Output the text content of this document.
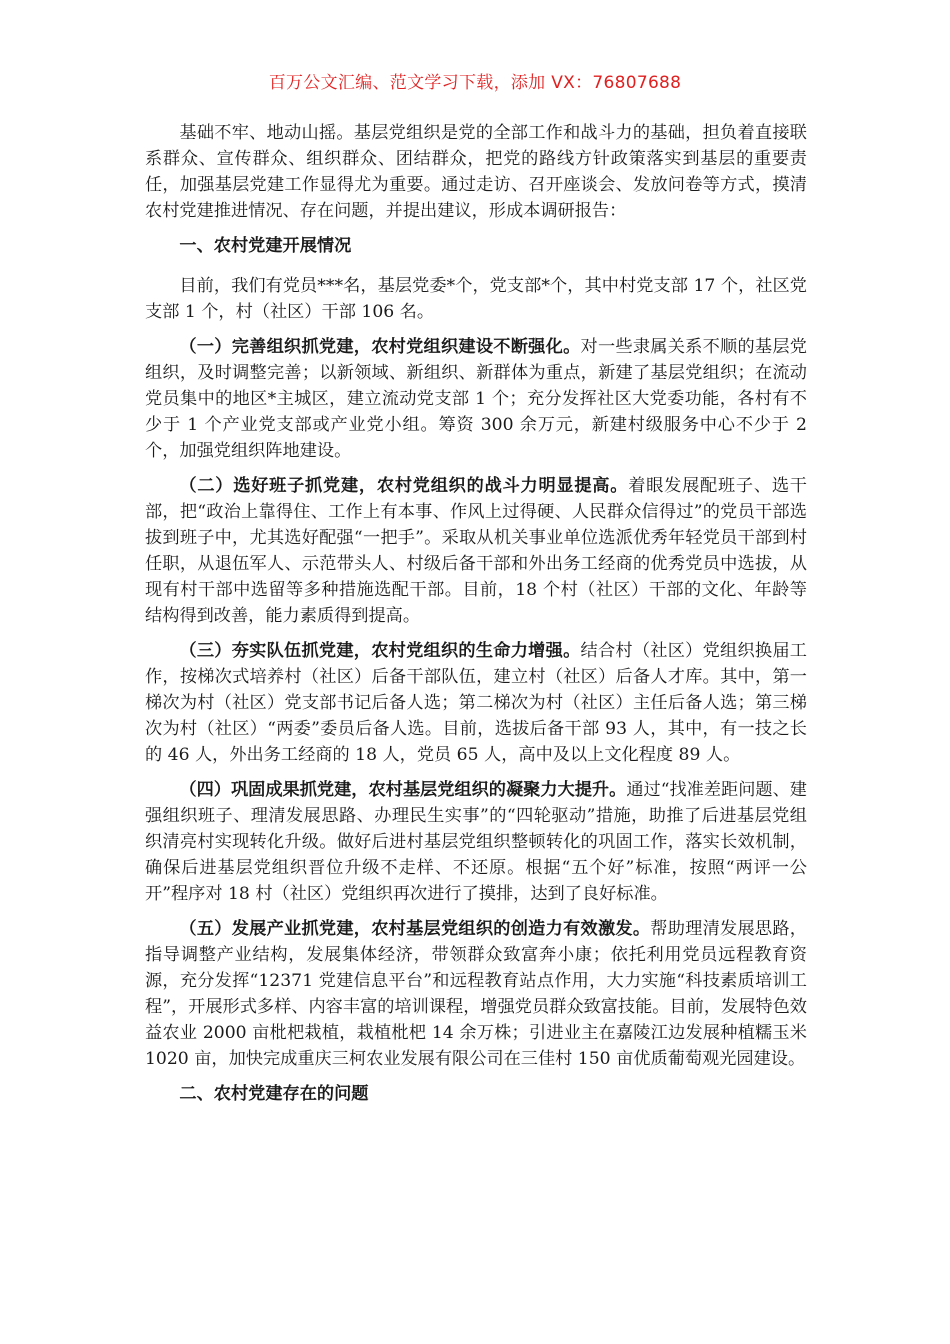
百万公文汇编、范文学习下载，添加 VX：76807688

基础不牢、地动山摇。基层党组织是党的全部工作和战斗力的基础，担负着直接联系群众、宣传群众、组织群众、团结群众，把党的路线方针政策落实到基层的重要责任，加强基层党建工作显得尤为重要。通过走访、召开座谈会、发放问卷等方式，摸清农村党建推进情况、存在问题，并提出建议，形成本调研报告：

一、农村党建开展情况

目前，我们有党员***名，基层党委*个，党支部*个，其中村党支部 17 个，社区党支部 1 个，村（社区）干部 106 名。

（一）完善组织抓党建，农村党组织建设不断强化。对一些隶属关系不顺的基层党组织，及时调整完善；以新领域、新组织、新群体为重点，新建了基层党组织；在流动党员集中的地区*主城区，建立流动党支部 1 个；充分发挥社区大党委功能，各村有不少于 1 个产业党支部或产业党小组。筹资 300 余万元，新建村级服务中心不少于 2 个，加强党组织阵地建设。

（二）选好班子抓党建，农村党组织的战斗力明显提高。着眼发展配班子、选干部，把“政治上靠得住、工作上有本事、作风上过得硬、人民群众信得过”的党员干部选拔到班子中，尤其选好配强“一把手”。采取从机关事业单位选派优秀年轻党员干部到村任职，从退伍军人、示范带头人、村级后备干部和外出务工经商的优秀党员中选拔，从现有村干部中选留等多种措施选配干部。目前，18 个村（社区）干部的文化、年龄等结构得到改善，能力素质得到提高。

（三）夯实队伍抓党建，农村党组织的生命力增强。结合村（社区）党组织换届工作，按梯次式培养村（社区）后备干部队伍，建立村（社区）后备人才库。其中，第一梯次为村（社区）党支部书记后备人选；第二梯次为村（社区）主任后备人选；第三梯次为村（社区）“两委”委员后备人选。目前，选拔后备干部 93 人，其中，有一技之长的 46 人，外出务工经商的 18 人，党员 65 人，高中及以上文化程度 89 人。

（四）巩固成果抓党建，农村基层党组织的凝聚力大提升。通过“找准差距问题、建强组织班子、理清发展思路、办理民生实事”的“四轮驱动”措施，助推了后进基层党组织清亮村实现转化升级。做好后进村基层党组织整顿转化的巩固工作，落实长效机制，确保后进基层党组织晋位升级不走样、不还原。根据“五个好”标准，按照“两评一公开”程序对 18 村（社区）党组织再次进行了摸排，达到了良好标准。

（五）发展产业抓党建，农村基层党组织的创造力有效激发。帮助理清发展思路，指导调整产业结构，发展集体经济，带领群众致富奔小康；依托利用党员远程教育资源，充分发挥“12371 党建信息平台”和远程教育站点作用，大力实施“科技素质培训工程”，开展形式多样、内容丰富的培训课程，增强党员群众致富技能。目前，发展特色效益农业 2000 亩枇杷栽植，栽植枇杷 14 余万株；引进业主在嘉陵江边发展种植糯玉米 1020 亩，加快完成重庆三柯农业发展有限公司在三佳村 150 亩优质葡萄观光园建设。

二、农村党建存在的问题
